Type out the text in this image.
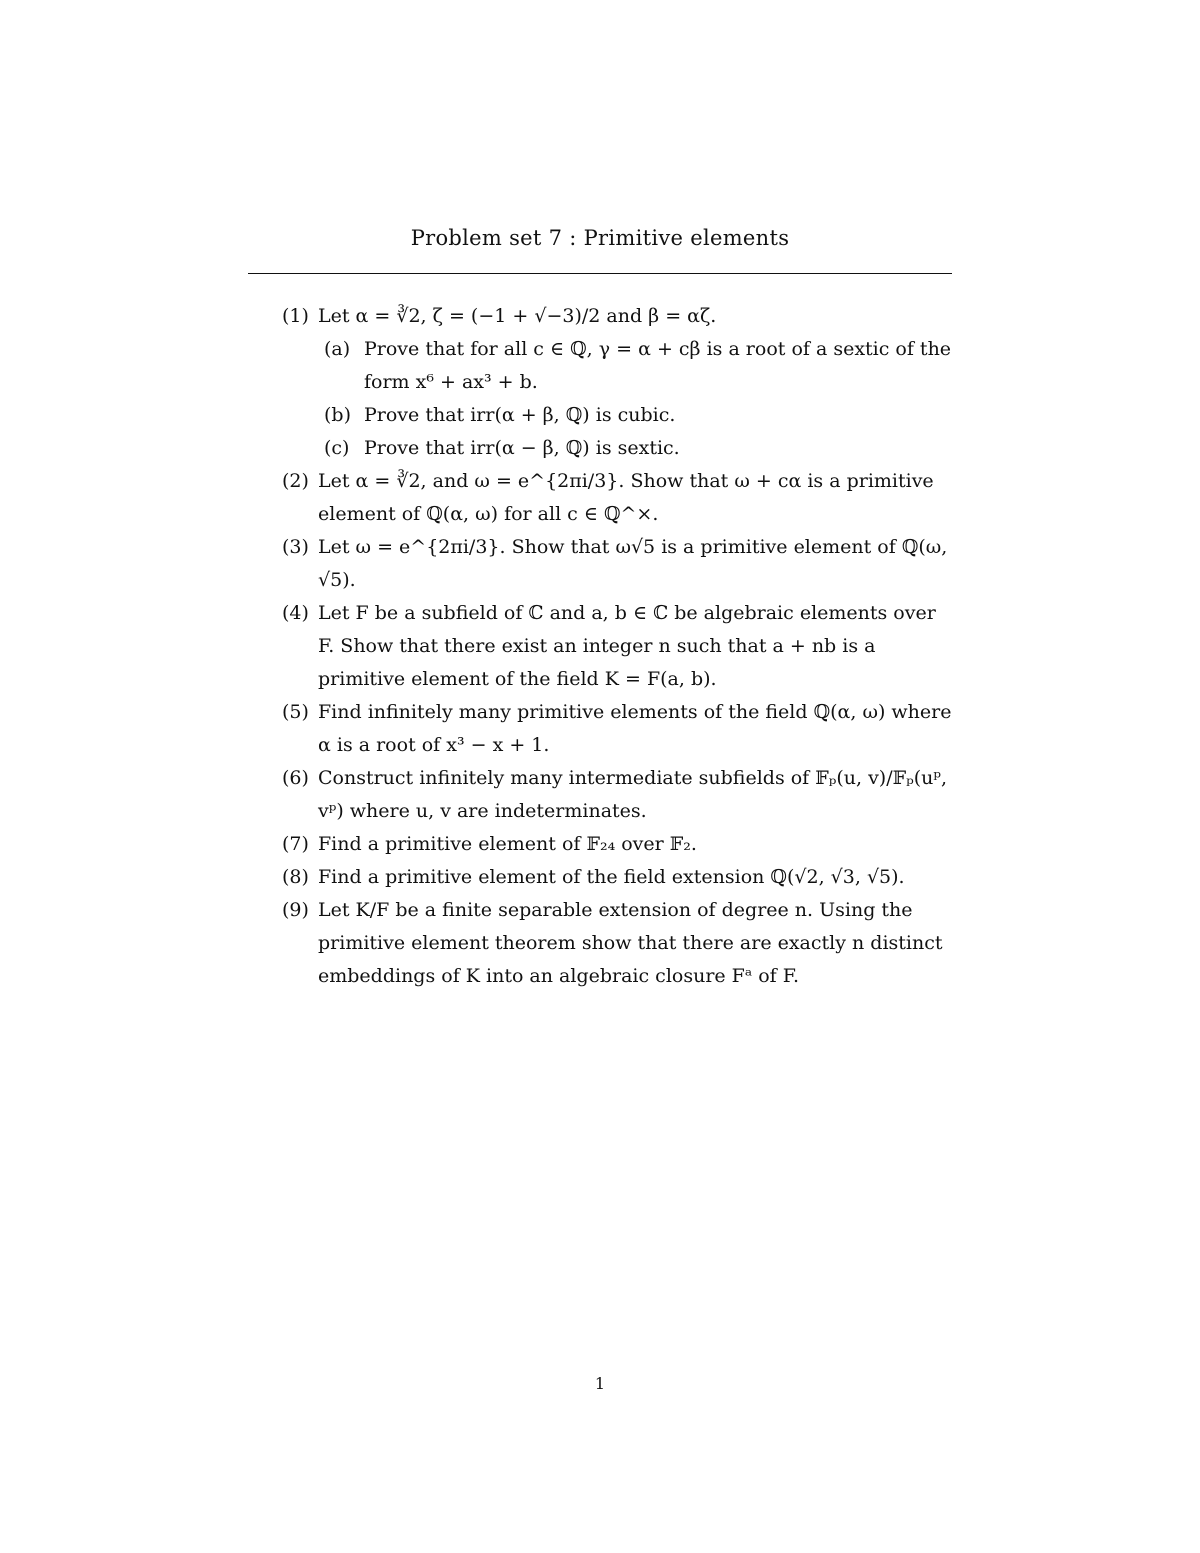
Problem set 7 : Primitive elements
(1) Let α = ∛2, ζ = (−1 + √−3)/2 and β = αζ.
(a) Prove that for all c ∈ ℚ, γ = α + cβ is a root of a sextic of the form x⁶ + ax³ + b.
(b) Prove that irr(α + β, ℚ) is cubic.
(c) Prove that irr(α − β, ℚ) is sextic.
(2) Let α = ∛2, and ω = e^{2πi/3}. Show that ω + cα is a primitive element of ℚ(α, ω) for all c ∈ ℚ^×.
(3) Let ω = e^{2πi/3}. Show that ω√5 is a primitive element of ℚ(ω, √5).
(4) Let F be a subfield of ℂ and a, b ∈ ℂ be algebraic elements over F. Show that there exist an integer n such that a + nb is a primitive element of the field K = F(a, b).
(5) Find infinitely many primitive elements of the field ℚ(α, ω) where α is a root of x³ − x + 1.
(6) Construct infinitely many intermediate subfields of 𝔽ₚ(u, v)/𝔽ₚ(uᵖ, vᵖ) where u, v are indeterminates.
(7) Find a primitive element of 𝔽₂₄ over 𝔽₂.
(8) Find a primitive element of the field extension ℚ(√2, √3, √5).
(9) Let K/F be a finite separable extension of degree n. Using the primitive element theorem show that there are exactly n distinct embeddings of K into an algebraic closure Fᵃ of F.
1
